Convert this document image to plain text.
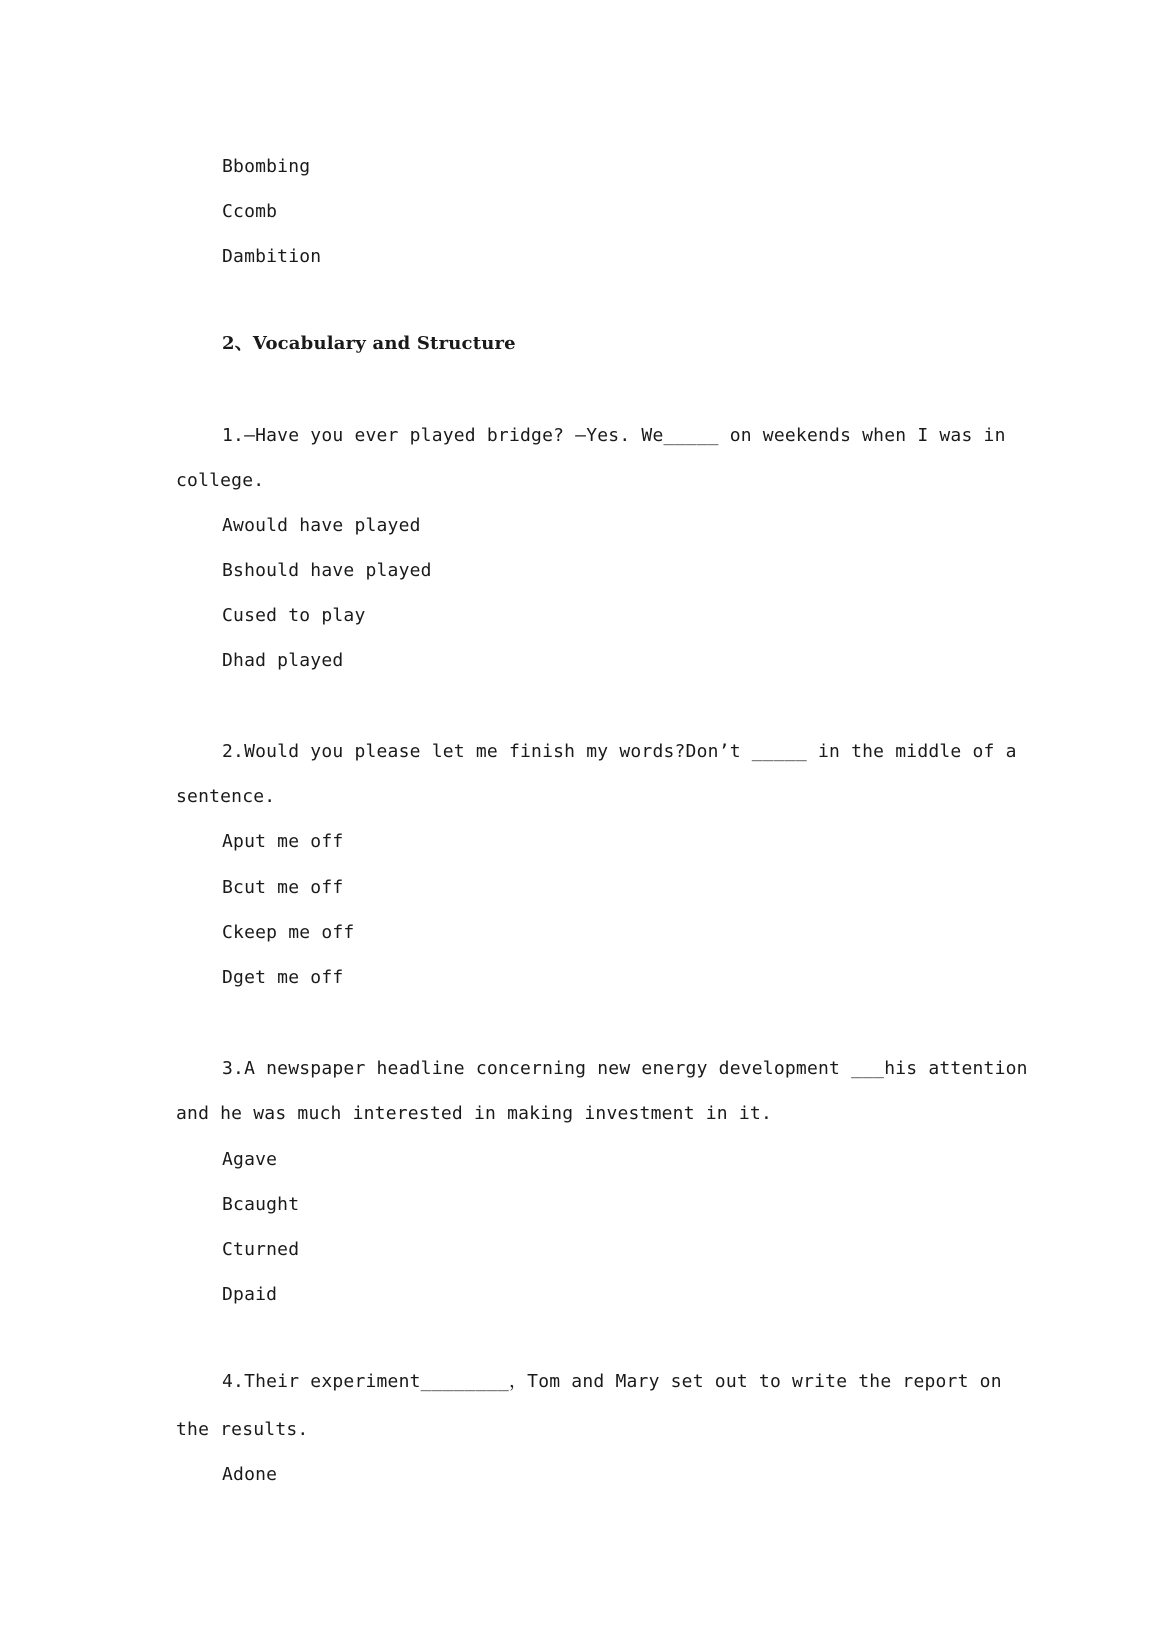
Bbombing
Ccomb
Dambition
2、Vocabulary and Structure
1.—Have you ever played bridge? —Yes. We_____ on weekends when I was in
college.
Awould have played
Bshould have played
Cused to play
Dhad played
2.Would you please let me finish my words?Don’t _____ in the middle of a
sentence.
Aput me off
Bcut me off
Ckeep me off
Dget me off
3.A newspaper headline concerning new energy development ___his attention
and he was much interested in making investment in it.
Agave
Bcaught
Cturned
Dpaid
4.Their experiment________，Tom and Mary set out to write the report on
the results.
Adone
